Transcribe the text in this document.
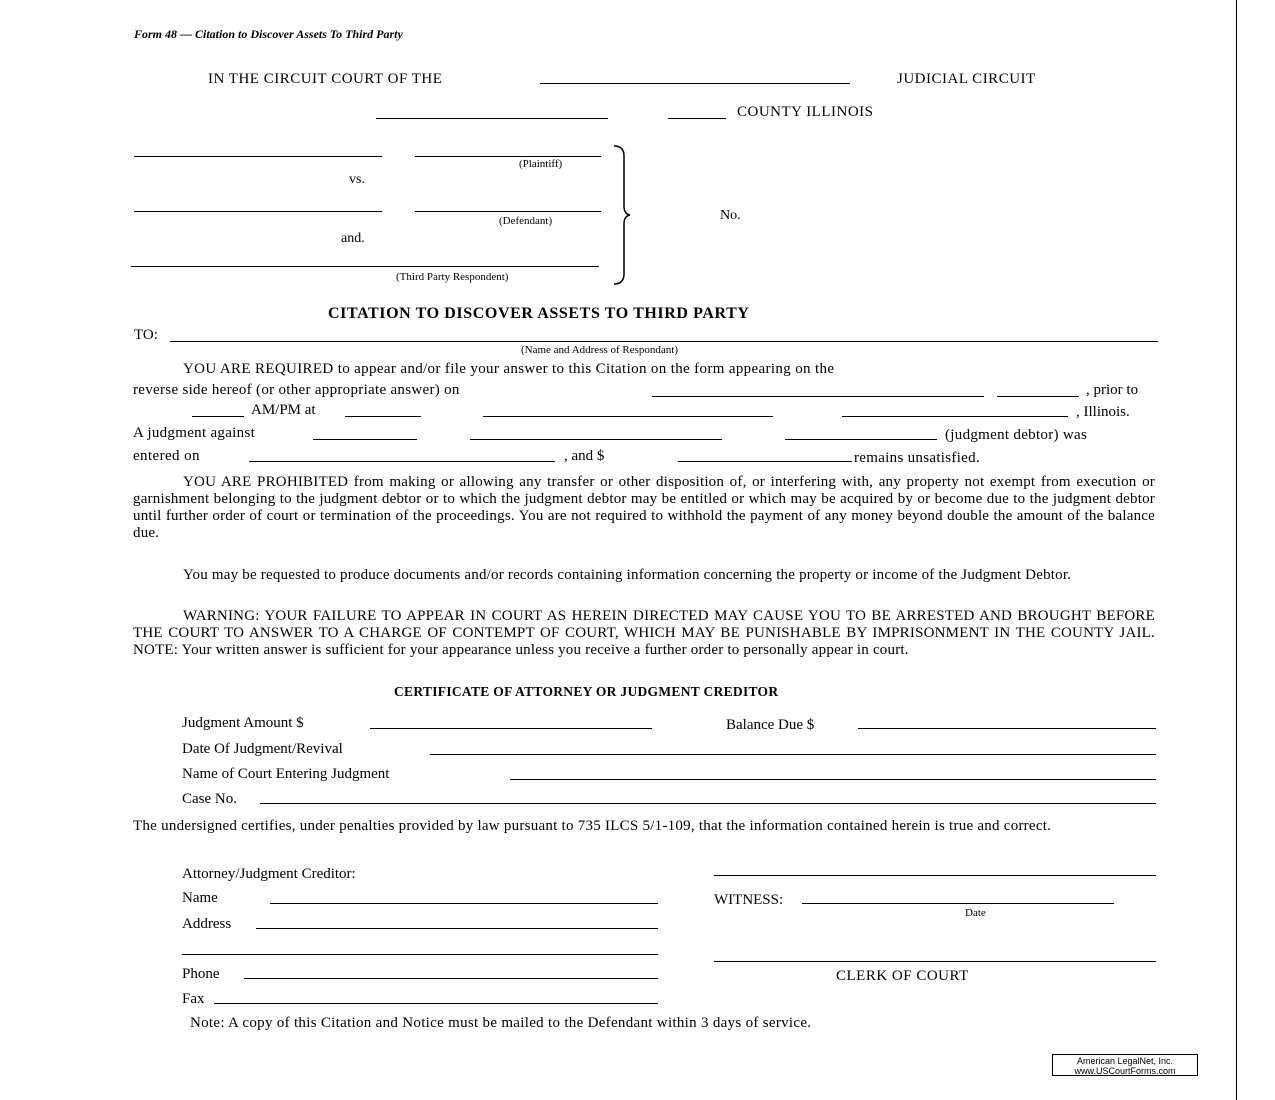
Form 48 — Citation to Discover Assets To Third Party
IN THE CIRCUIT COURT OF THE	JUDICIAL CIRCUIT
COUNTY ILLINOIS
(Plaintiff)
vs.
(Defendant)
and.
(Third Party Respondent)
No.
CITATION TO DISCOVER ASSETS TO THIRD PARTY
TO:
(Name and Address of Respondant)
YOU ARE REQUIRED to appear and/or file your answer to this Citation on the form appearing on the
reverse side hereof (or other appropriate answer) on	, prior to
AM/PM at	, Illinois.
A judgment against	(judgment debtor) was
entered on	, and $	remains unsatisfied.
YOU ARE PROHIBITED from making or allowing any transfer or other disposition of, or interfering with, any property not exempt from execution or garnishment belonging to the judgment debtor or to which the judgment debtor may be entitled or which may be acquired by or become due to the judgment debtor until further order of court or termination of the proceedings. You are not required to withhold the payment of any money beyond double the amount of the balance due.
You may be requested to produce documents and/or records containing information concerning the property or income of the Judgment Debtor.
WARNING: YOUR FAILURE TO APPEAR IN COURT AS HEREIN DIRECTED MAY CAUSE YOU TO BE ARRESTED AND BROUGHT BEFORE THE COURT TO ANSWER TO A CHARGE OF CONTEMPT OF COURT, WHICH MAY BE PUNISHABLE BY IMPRISONMENT IN THE COUNTY JAIL. NOTE: Your written answer is sufficient for your appearance unless you receive a further order to personally appear in court.
CERTIFICATE OF ATTORNEY OR JUDGMENT CREDITOR
Judgment Amount $	Balance Due $
Date Of Judgment/Revival
Name of Court Entering Judgment
Case No.
The undersigned certifies, under penalties provided by law pursuant to 735 ILCS 5/1-109, that the information contained herein is true and correct.
Attorney/Judgment Creditor:
Name	WITNESS:
Date
Address
Phone	CLERK OF COURT
Fax
Note: A copy of this Citation and Notice must be mailed to the Defendant within 3 days of service.
American LegalNet, Inc.
www.USCourtForms.com
